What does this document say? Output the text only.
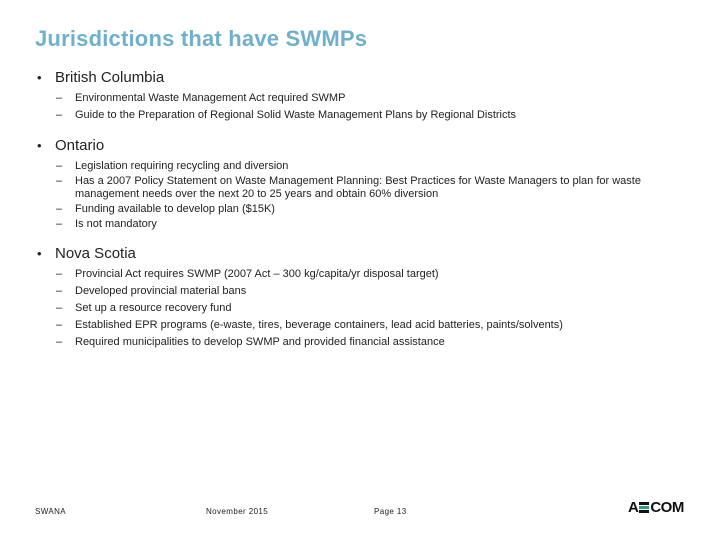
Jurisdictions that have SWMPs
• British Columbia
– Environmental Waste Management Act required SWMP
– Guide to the Preparation of Regional Solid Waste Management Plans by Regional Districts
• Ontario
– Legislation requiring recycling and diversion
– Has a 2007 Policy Statement on Waste Management Planning: Best Practices for Waste Managers to plan for waste management needs over the next 20 to 25 years and obtain 60% diversion
– Funding available to develop plan ($15K)
– Is not mandatory
• Nova Scotia
– Provincial Act requires SWMP (2007 Act – 300 kg/capita/yr disposal target)
– Developed provincial material bans
– Set up a resource recovery fund
– Established EPR programs (e-waste, tires, beverage containers, lead acid batteries, paints/solvents)
– Required municipalities to develop SWMP and provided financial assistance
SWANA	November 2015	Page 13	A COM
